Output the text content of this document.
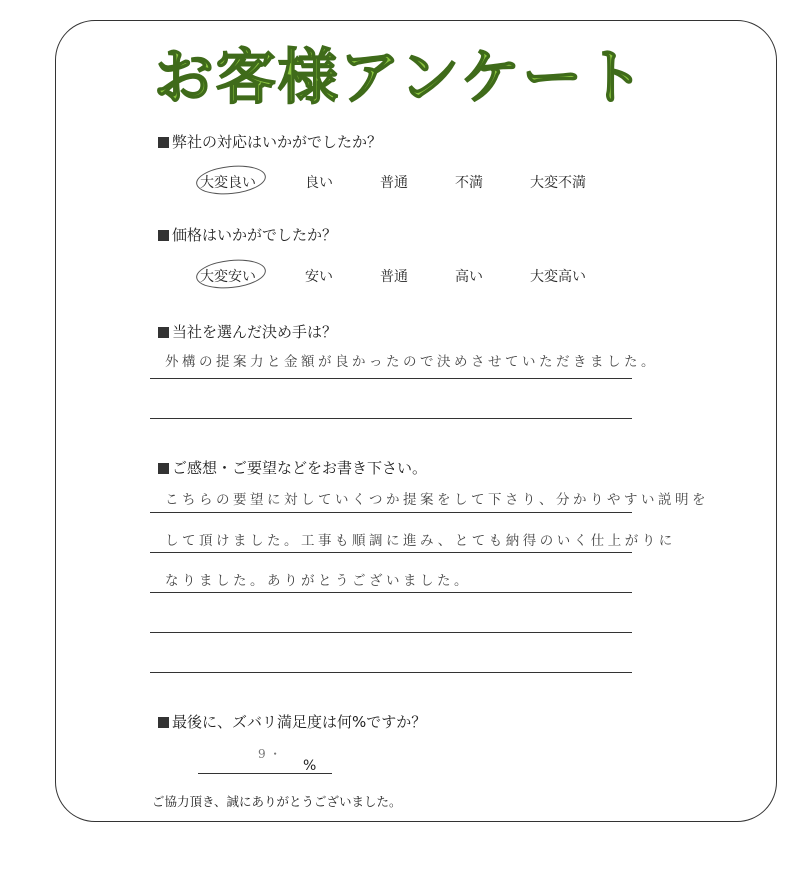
お客様アンケート
弊社の対応はいかがでしたか？
大変良い	良い	普通	不満	大変不満
価格はいかがでしたか？
大変安い	安い	普通	高い	大変高い
当社を選んだ決め手は？
外構の提案力と金額が良かったので決めさせていただきました。
ご感想・ご要望などをお書き下さい。
こちらの要望に対していくつか提案をして下さり、分かりやすい説明を
して頂けました。工事も順調に進み、とても納得のいく仕上がりに
なりました。ありがとうございました。
最後に、ズバリ満足度は何%ですか？
9・
%
ご協力頂き、誠にありがとうございました。
